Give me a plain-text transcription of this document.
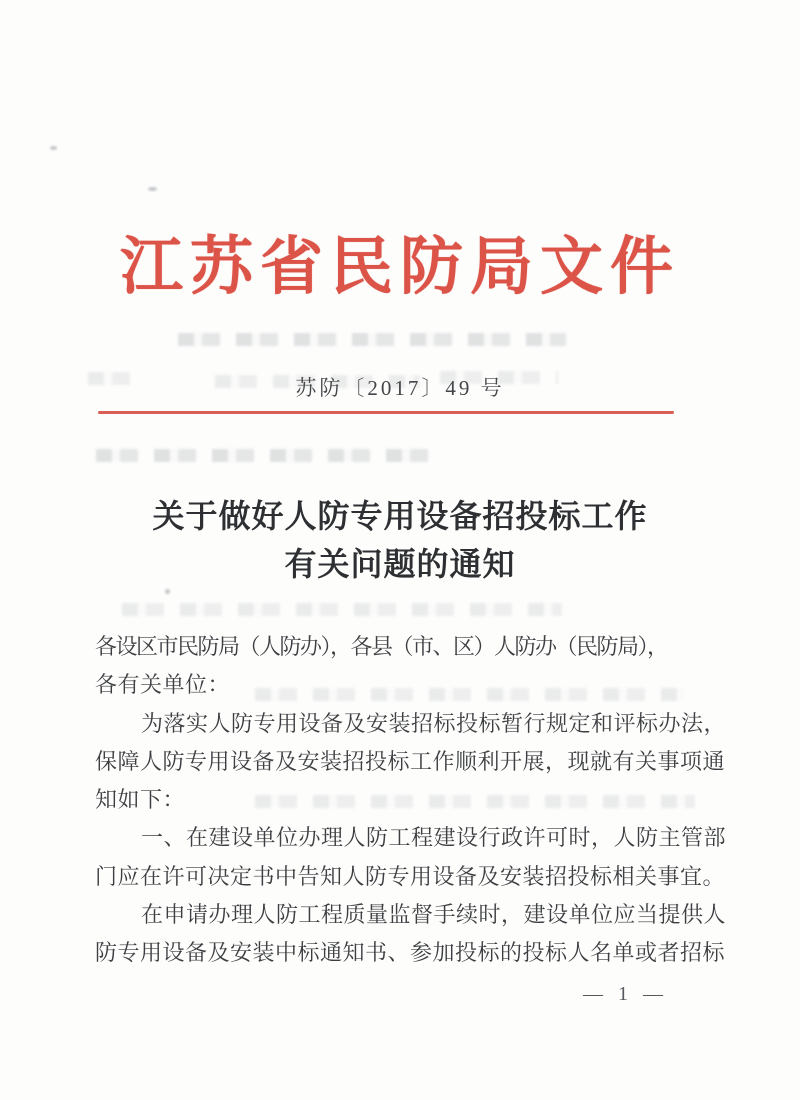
江苏省民防局文件
苏防〔2017〕49 号
关于做好人防专用设备招投标工作
有关问题的通知
各设区市民防局（人防办），各县（市、区）人防办（民防局），
各有关单位：
为落实人防专用设备及安装招标投标暂行规定和评标办法，
保障人防专用设备及安装招投标工作顺利开展，现就有关事项通
知如下：
一、在建设单位办理人防工程建设行政许可时，人防主管部
门应在许可决定书中告知人防专用设备及安装招投标相关事宜。
在申请办理人防工程质量监督手续时，建设单位应当提供人
防专用设备及安装中标通知书、参加投标的投标人名单或者招标
— 1 —
